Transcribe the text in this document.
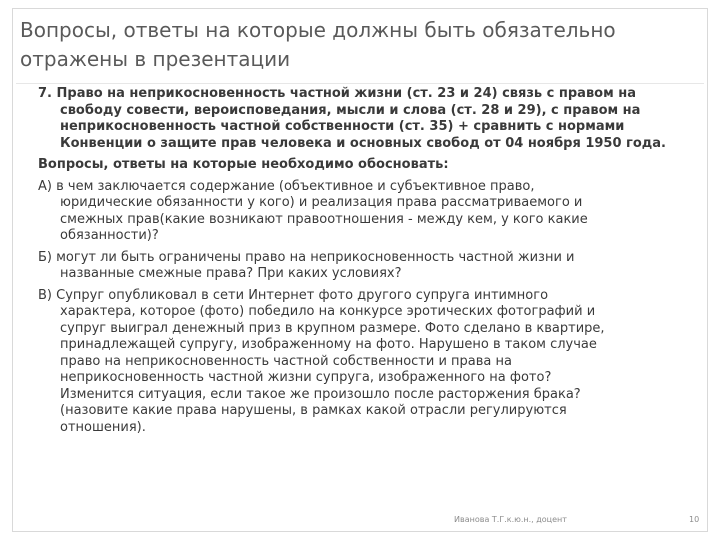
Вопросы, ответы на которые должны быть обязательно
отражены в презентации

7. Право на неприкосновенность частной жизни (ст. 23 и 24) связь с правом на
свободу совести, вероисповедания, мысли и слова (ст. 28 и 29), с правом на
неприкосновенность частной собственности (ст. 35) + сравнить с нормами
Конвенции о защите прав человека и основных свобод от 04 ноября 1950 года.

Вопросы, ответы на которые необходимо обосновать:

А) в чем заключается содержание (объективное и субъективное право,
юридические обязанности у кого) и реализация права рассматриваемого и
смежных прав(какие возникают правоотношения - между кем, у кого какие
обязанности)?

Б) могут ли быть ограничены право на неприкосновенность частной жизни и
названные смежные права? При каких условиях?

В) Супруг опубликовал в сети Интернет фото другого супруга интимного
характера, которое (фото) победило на конкурсе эротических фотографий и
супруг выиграл денежный приз в крупном размере. Фото сделано в квартире,
принадлежащей супругу, изображенному на фото. Нарушено в таком случае
право на неприкосновенность частной собственности и права на
неприкосновенность частной жизни супруга, изображенного на фото?
Изменится ситуация, если такое же произошло после расторжения брака?
(назовите какие права нарушены, в рамках какой отрасли регулируются
отношения).

Иванова Т.Г.к.ю.н., доцент	10
